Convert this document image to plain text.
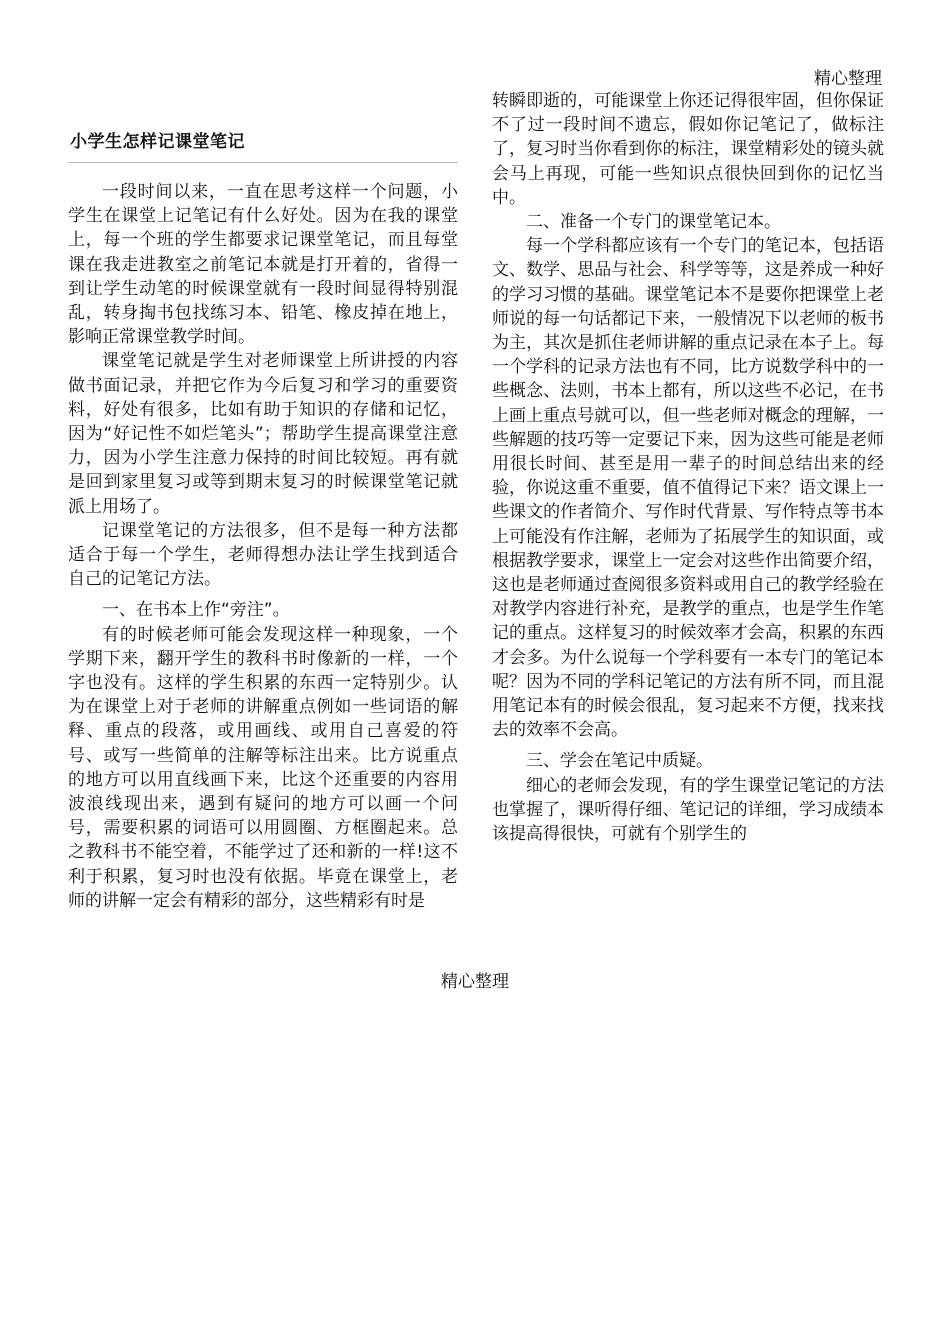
精心整理
小学生怎样记课堂笔记

一段时间以来，一直在思考这样一个问题，小学生在课堂上记笔记有什么好处。因为在我的课堂上，每一个班的学生都要求记课堂笔记，而且每堂课在我走进教室之前笔记本就是打开着的，省得一到让学生动笔的时候课堂就有一段时间显得特别混乱，转身掏书包找练习本、铅笔、橡皮掉在地上，影响正常课堂教学时间。

课堂笔记就是学生对老师课堂上所讲授的内容做书面记录，并把它作为今后复习和学习的重要资料，好处有很多，比如有助于知识的存储和记忆，因为“好记性不如烂笔头”；帮助学生提高课堂注意力，因为小学生注意力保持的时间比较短。再有就是回到家里复习或等到期末复习的时候课堂笔记就派上用场了。

记课堂笔记的方法很多，但不是每一种方法都适合于每一个学生，老师得想办法让学生找到适合自己的记笔记方法。

一、在书本上作“旁注”。

有的时候老师可能会发现这样一种现象，一个学期下来，翻开学生的教科书时像新的一样，一个字也没有。这样的学生积累的东西一定特别少。认为在课堂上对于老师的讲解重点例如一些词语的解释、重点的段落，或用画线、或用自己喜爱的符号、或写一些简单的注解等标注出来。比方说重点的地方可以用直线画下来，比这个还重要的内容用波浪线现出来，遇到有疑问的地方可以画一个问号，需要积累的词语可以用圆圈、方框圈起来。总之教科书不能空着，不能学过了还和新的一样!这不利于积累，复习时也没有依据。毕竟在课堂上，老师的讲解一定会有精彩的部分，这些精彩有时是

转瞬即逝的，可能课堂上你还记得很牢固，但你保证不了过一段时间不遗忘，假如你记笔记了，做标注了，复习时当你看到你的标注，课堂精彩处的镜头就会马上再现，可能一些知识点很快回到你的记忆当中。

二、准备一个专门的课堂笔记本。

每一个学科都应该有一个专门的笔记本，包括语文、数学、思品与社会、科学等等，这是养成一种好的学习习惯的基础。课堂笔记本不是要你把课堂上老师说的每一句话都记下来，一般情况下以老师的板书为主，其次是抓住老师讲解的重点记录在本子上。每一个学科的记录方法也有不同，比方说数学科中的一些概念、法则，书本上都有，所以这些不必记，在书上画上重点号就可以，但一些老师对概念的理解，一些解题的技巧等一定要记下来，因为这些可能是老师用很长时间、甚至是用一辈子的时间总结出来的经验，你说这重不重要，值不值得记下来？语文课上一些课文的作者简介、写作时代背景、写作特点等书本上可能没有作注解，老师为了拓展学生的知识面，或根据教学要求，课堂上一定会对这些作出简要介绍，这也是老师通过查阅很多资料或用自己的教学经验在对教学内容进行补充，是教学的重点，也是学生作笔记的重点。这样复习的时候效率才会高，积累的东西才会多。为什么说每一个学科要有一本专门的笔记本呢？因为不同的学科记笔记的方法有所不同，而且混用笔记本有的时候会很乱，复习起来不方便，找来找去的效率不会高。

三、学会在笔记中质疑。

细心的老师会发现，有的学生课堂记笔记的方法也掌握了，课听得仔细、笔记记的详细，学习成绩本该提高得很快，可就有个别学生的

精心整理
